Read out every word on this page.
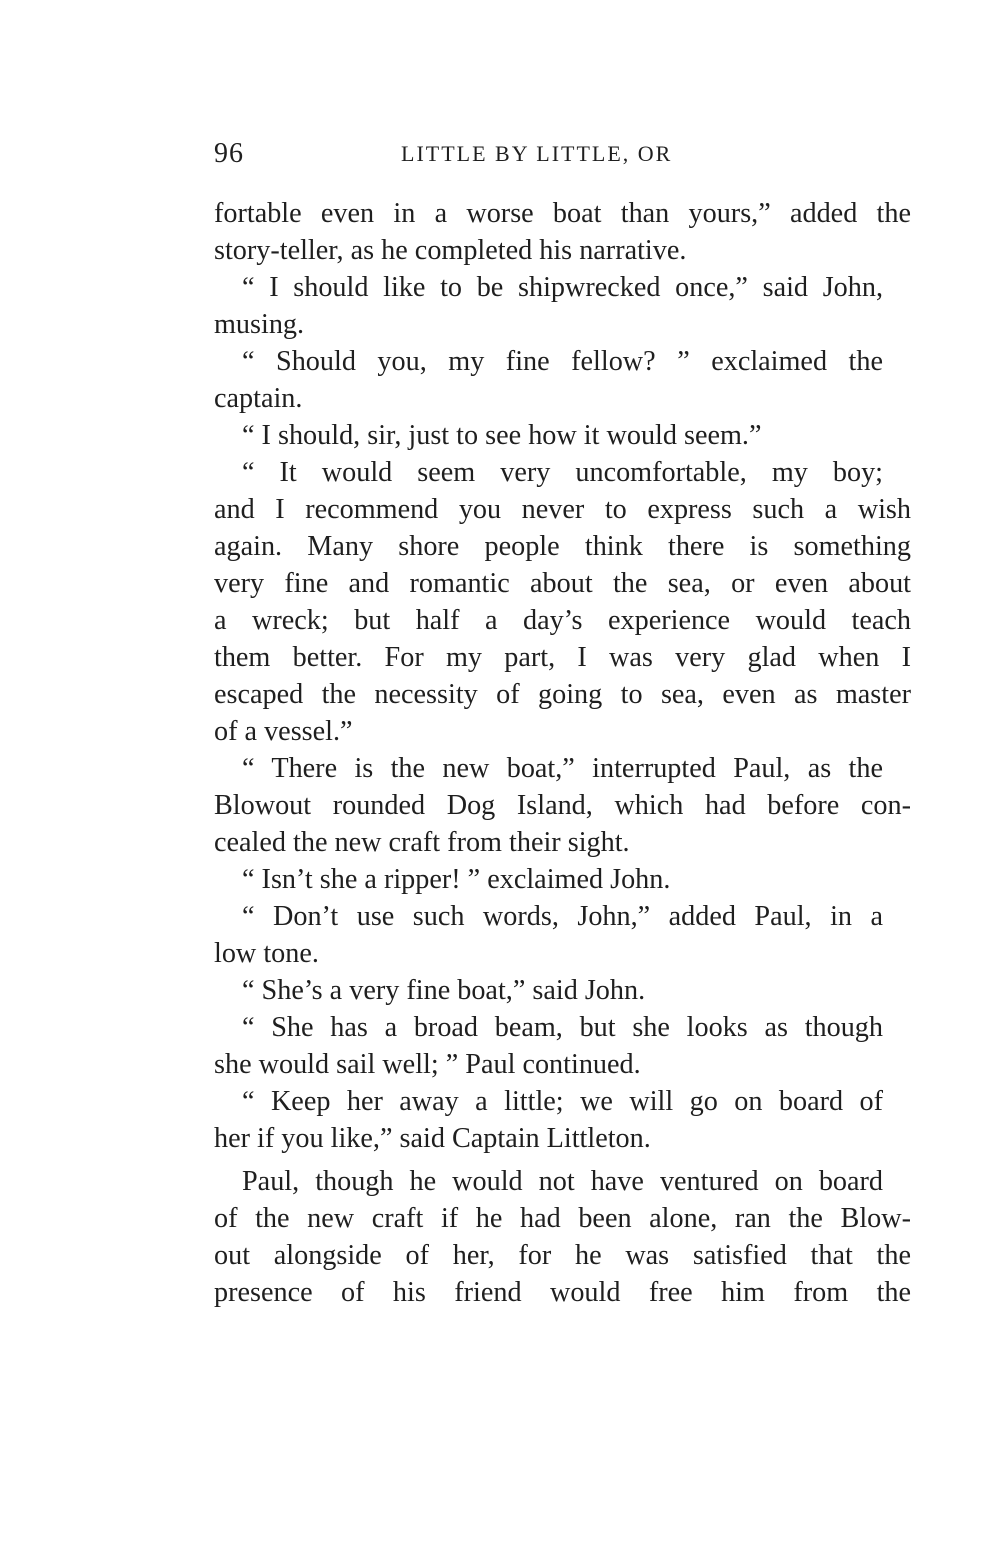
96	LITTLE BY LITTLE, OR
fortable even in a worse boat than yours,” added the
story-teller, as he completed his narrative.
“ I should like to be shipwrecked once,” said John,
musing.
“ Should you, my fine fellow? ” exclaimed the
captain.
“ I should, sir, just to see how it would seem.”
“ It would seem very uncomfortable, my boy;
and I recommend you never to express such a wish
again. Many shore people think there is something
very fine and romantic about the sea, or even about
a wreck; but half a day’s experience would teach
them better. For my part, I was very glad when I
escaped the necessity of going to sea, even as master
of a vessel.”
“ There is the new boat,” interrupted Paul, as the
Blowout rounded Dog Island, which had before con-
cealed the new craft from their sight.
“ Isn’t she a ripper! ” exclaimed John.
“ Don’t use such words, John,” added Paul, in a
low tone.
“ She’s a very fine boat,” said John.
“ She has a broad beam, but she looks as though
she would sail well; ” Paul continued.
“ Keep her away a little; we will go on board of
her if you like,” said Captain Littleton.
Paul, though he would not have ventured on board
of the new craft if he had been alone, ran the Blow-
out alongside of her, for he was satisfied that the
presence of his friend would free him from the
